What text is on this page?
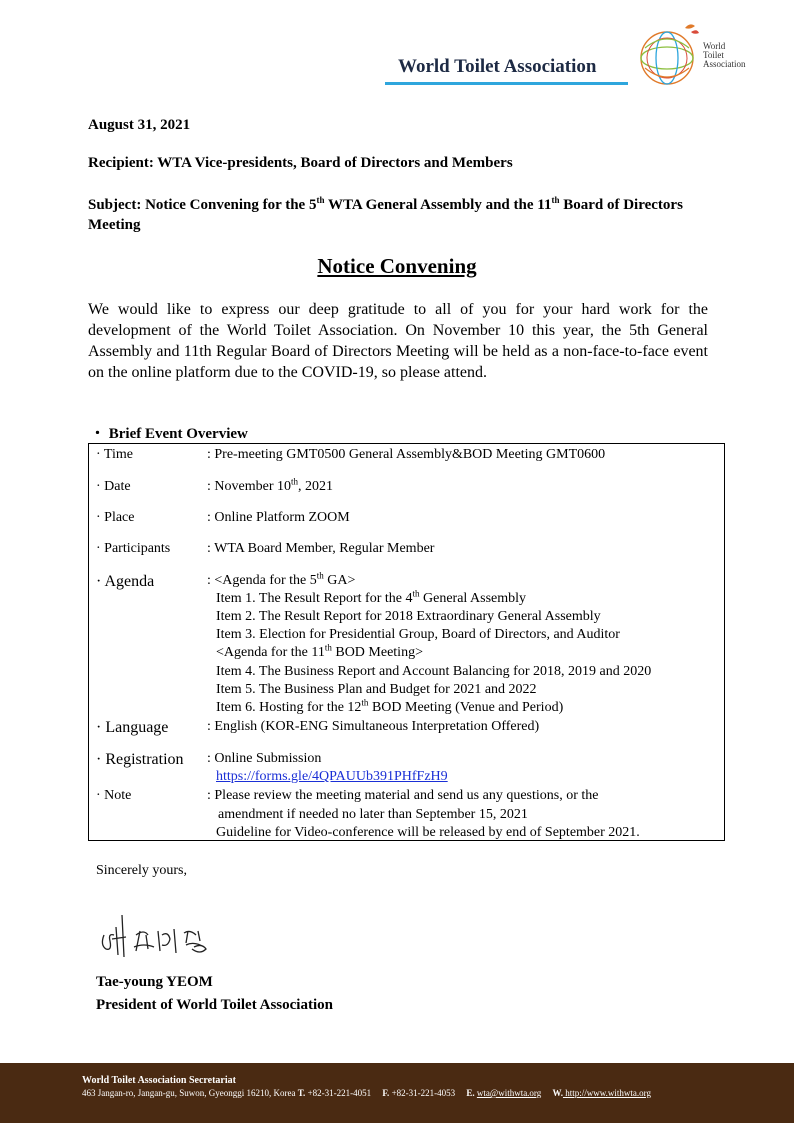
World Toilet Association
World
Toilet
Association
August 31, 2021
Recipient: WTA Vice-presidents, Board of Directors and Members
Subject: Notice Convening for the 5th WTA General Assembly and the 11th Board of Directors Meeting
Notice Convening
We would like to express our deep gratitude to all of you for your hard work for the development of the World Toilet Association. On November 10 this year, the 5th General Assembly and 11th Regular Board of Directors Meeting will be held as a non-face-to-face event on the online platform due to the COVID-19, so please attend.
・ Brief Event Overview
· Time	: Pre-meeting GMT0500 General Assembly&BOD Meeting GMT0600
· Date	: November 10th, 2021
· Place	: Online Platform ZOOM
· Participants	: WTA Board Member, Regular Member
· Agenda	: <Agenda for the 5th GA>
Item 1. The Result Report for the 4th General Assembly
Item 2. The Result Report for 2018 Extraordinary General Assembly
Item 3. Election for Presidential Group, Board of Directors, and Auditor
<Agenda for the 11th BOD Meeting>
Item 4. The Business Report and Account Balancing for 2018, 2019 and 2020
Item 5. The Business Plan and Budget for 2021 and 2022
Item 6. Hosting for the 12th BOD Meeting (Venue and Period)
· Language	: English (KOR-ENG Simultaneous Interpretation Offered)
· Registration : Online Submission
https://forms.gle/4QPAUUb391PHfFzH9
· Note	: Please review the meeting material and send us any questions, or the
amendment if needed no later than September 15, 2021
Guideline for Video-conference will be released by end of September 2021.
Sincerely yours,
Tae-young YEOM
President of World Toilet Association
World Toilet Association Secretariat
463 Jangan-ro, Jangan-gu, Suwon, Gyeonggi 16210, Korea T. +82-31-221-4051 F. +82-31-221-4053 E. wta@withwta.org W. http://www.withwta.org
